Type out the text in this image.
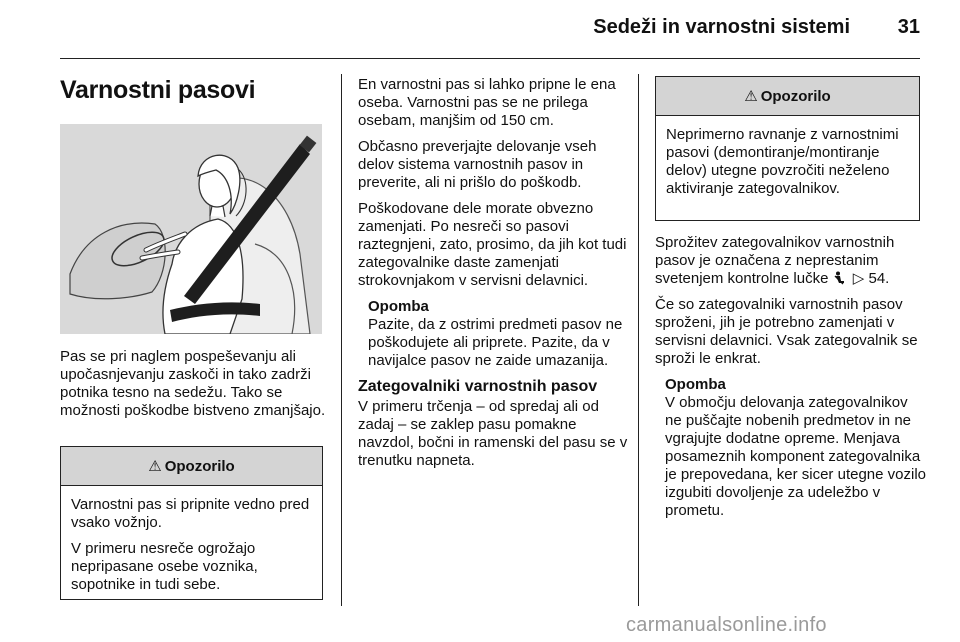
Sedeži in varnostni sistemi	31
Varnostni pasovi

Pas se pri naglem pospeševanju ali upočasnjevanju zaskoči in tako zadrži potnika tesno na sedežu. Tako se možnosti poškodbe bistveno zmanjšajo.

⚠ Opozorilo

Varnostni pas si pripnite vedno pred vsako vožnjo.

V primeru nesreče ogrožajo nepripasane osebe voznika, sopotnike in tudi sebe.

En varnostni pas si lahko pripne le ena oseba. Varnostni pas se ne prilega osebam, manjšim od 150 cm.

Občasno preverjajte delovanje vseh delov sistema varnostnih pasov in preverite, ali ni prišlo do poškodb.

Poškodovane dele morate obvezno zamenjati. Po nesreči so pasovi raztegnjeni, zato, prosimo, da jih kot tudi zategovalnike daste zamenjati strokovnjakom v servisni delavnici.

Opomba
Pazite, da z ostrimi predmeti pasov ne poškodujete ali priprete. Pazite, da v navijalce pasov ne zaide umazanija.
Zategovalniki varnostnih pasov

V primeru trčenja – od spredaj ali od zadaj – se zaklep pasu pomakne navzdol, bočni in ramenski del pasu se v trenutku napneta.

⚠ Opozorilo

Neprimerno ravnanje z varnostnimi pasovi (demontiranje/montiranje delov) utegne povzročiti neželeno aktiviranje zategovalnikov.

Sprožitev zategovalnikov varnostnih pasov je označena z neprestanim svetenjem kontrolne lučke ▷ 54.

Če so zategovalniki varnostnih pasov sproženi, jih je potrebno zamenjati v servisni delavnici. Vsak zategovalnik se sproži le enkrat.

Opomba
V območju delovanja zategovalnikov ne puščajte nobenih predmetov in ne vgrajujte dodatne opreme. Menjava posameznih komponent zategovalnika je prepovedana, ker sicer utegne vozilo izgubiti dovoljenje za udeležbo v prometu.
carmanualsonline.info
